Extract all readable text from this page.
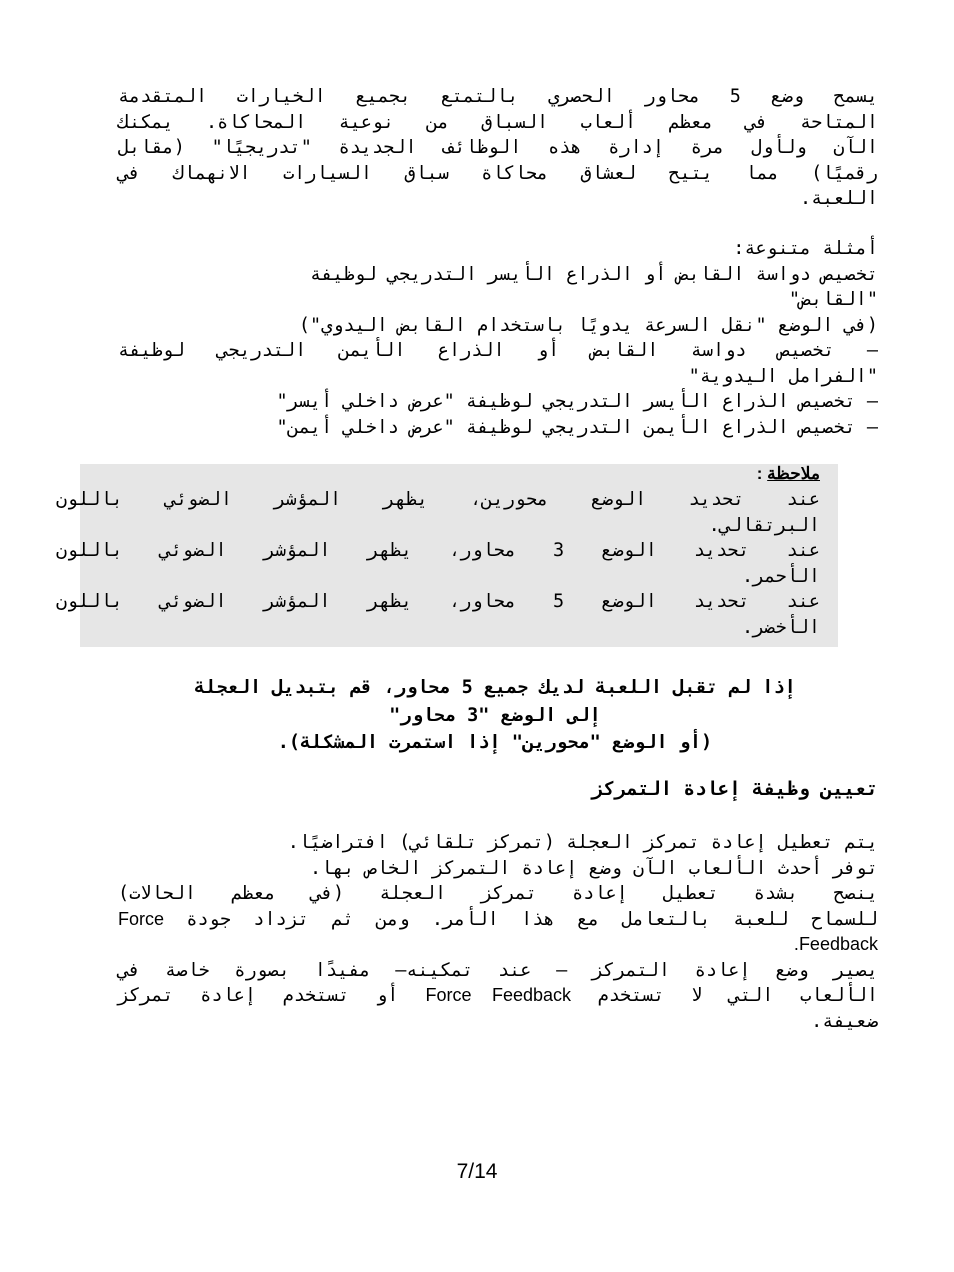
يسمح وضع 5 محاور الحصري بالتمتع بجميع الخيارات المتقدمة
المتاحة في معظم ألعاب السباق من نوعية المحاكاة. يمكنك
الآن ولأول مرة إدارة هذه الوظائف الجديدة "تدريجيًا" (مقابل
رقميًا) مما يتيح لعشاق محاكاة سباق السيارات الانهماك في
اللعبة.
أمثلة متنوعة:
تخصيص دواسة القابض أو الذراع الأيسر التدريجي لوظيفة
"القابض"
(في الوضع "نقل السرعة يدويًا باستخدام القابض اليدوي")
– تخصيص دواسة القابض أو الذراع الأيمن التدريجي لوظيفة
"الفرامل اليدوية"
– تخصيص الذراع الأيسر التدريجي لوظيفة "عرض داخلي أيسر"
– تخصيص الذراع الأيمن التدريجي لوظيفة "عرض داخلي أيمن"
ملاحظة :
عند تحديد الوضع محورين، يظهر المؤشر الضوئي باللون
البرتقالي.
عند تحديد الوضع 3 محاور، يظهر المؤشر الضوئي باللون
الأحمر.
عند تحديد الوضع 5 محاور، يظهر المؤشر الضوئي باللون
الأخضر.
إذا لم تقبل اللعبة لديك جميع 5 محاور، قم بتبديل العجلة
إلى الوضع "3 محاور"
(أو الوضع "محورين" إذا استمرت المشكلة).
تعيين وظيفة إعادة التمركز
يتم تعطيل إعادة تمركز العجلة (تمركز تلقائي) افتراضيًا.
توفر أحدث الألعاب الآن وضع إعادة التمركز الخاص بها.
ينصح بشدة تعطيل إعادة تمركز العجلة (في معظم الحالات)
للسماح للعبة بالتعامل مع هذا الأمر. ومن ثم تزداد جودة Force
Feedback.
يصير وضع إعادة التمركز – عند تمكينه– مفيدًا بصورة خاصة في
الألعاب التي لا تستخدم Force Feedback أو تستخدم إعادة تمركز
ضعيفة.
7/14
